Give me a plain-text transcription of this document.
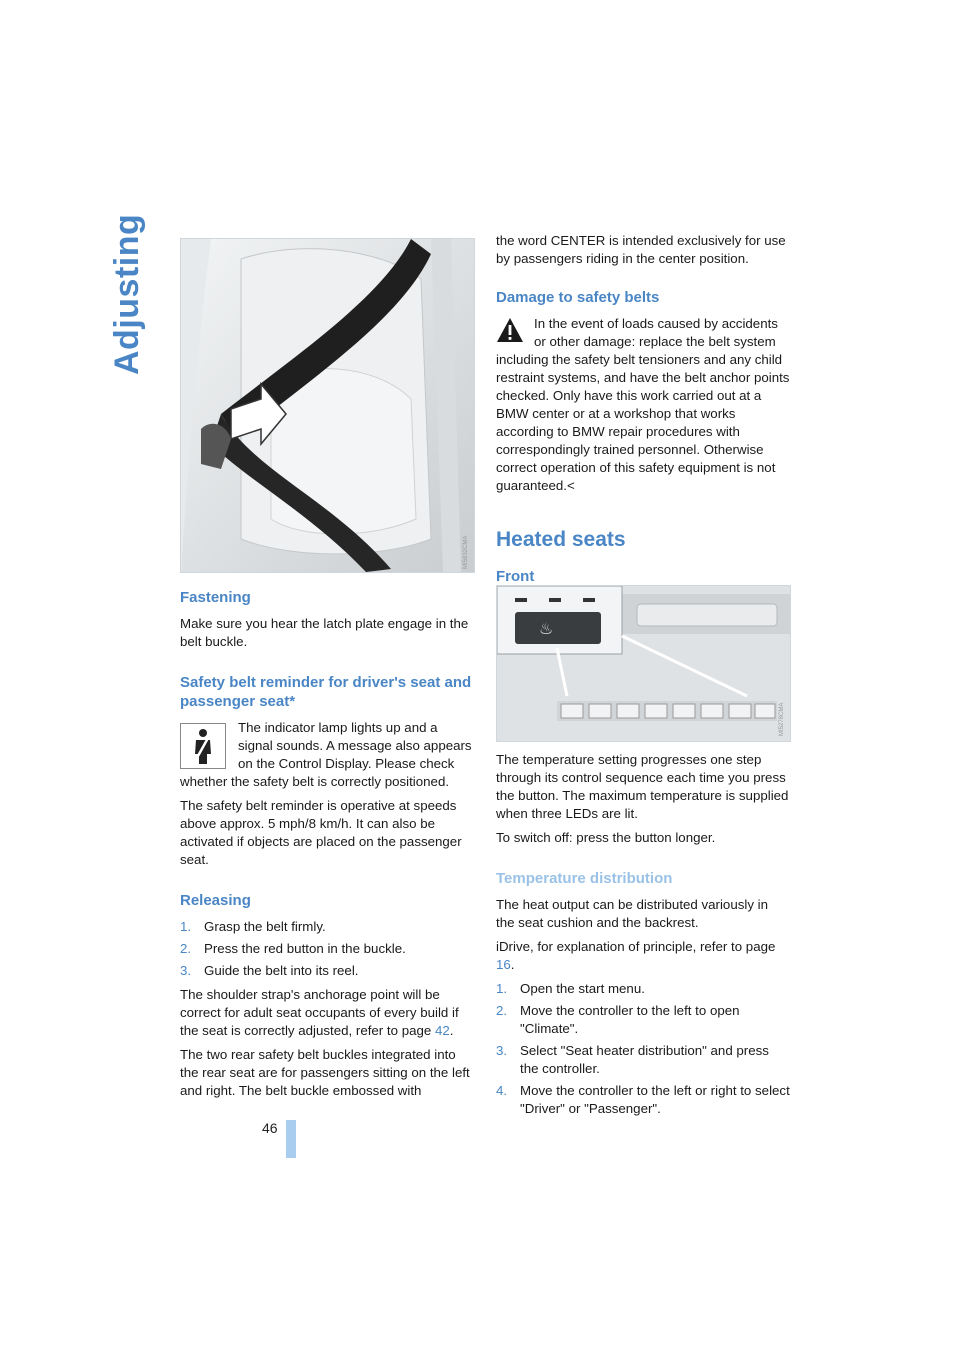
Adjusting
MI5832CMA
Fastening

Make sure you hear the latch plate engage in the belt buckle.

Safety belt reminder for driver's seat and passenger seat*

The indicator lamp lights up and a signal sounds. A message also appears on the Control Display. Please check whether the safety belt is correctly positioned.

The safety belt reminder is operative at speeds above approx. 5 mph/8 km/h. It can also be activated if objects are placed on the passenger seat.

Releasing
1. Grasp the belt firmly.
2. Press the red button in the buckle.
3. Guide the belt into its reel.

The shoulder strap's anchorage point will be correct for adult seat occupants of every build if the seat is correctly adjusted, refer to page 42.

The two rear safety belt buckles integrated into the rear seat are for passengers sitting on the left and right. The belt buckle embossed with

the word CENTER is intended exclusively for use by passengers riding in the center position.

Damage to safety belts

In the event of loads caused by accidents or other damage: replace the belt system including the safety belt tensioners and any child restraint systems, and have the belt anchor points checked. Only have this work carried out at a BMW center or at a workshop that works according to BMW repair procedures with correspondingly trained personnel. Otherwise correct operation of this safety equipment is not guaranteed.<

Heated seats
Front
♨
MI5278CMA

The temperature setting progresses one step through its control sequence each time you press the button. The maximum temperature is supplied when three LEDs are lit.

To switch off: press the button longer.

Temperature distribution

The heat output can be distributed variously in the seat cushion and the backrest.

iDrive, for explanation of principle, refer to page 16.

1. Open the start menu.
2. Move the controller to the left to open "Climate".
3. Select "Seat heater distribution" and press the controller.
4. Move the controller to the left or right to select "Driver" or "Passenger".
46
